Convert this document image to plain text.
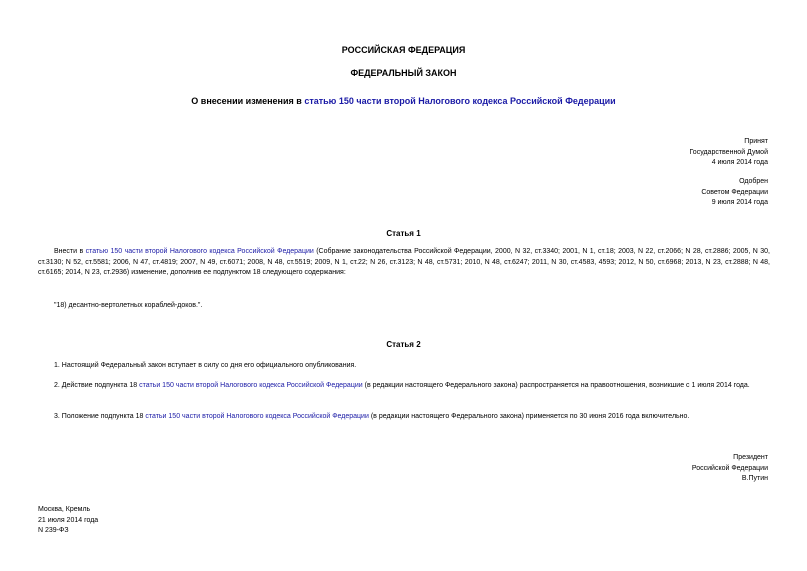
РОССИЙСКАЯ ФЕДЕРАЦИЯ
ФЕДЕРАЛЬНЫЙ ЗАКОН
О внесении изменения в статью 150 части второй Налогового кодекса Российской Федерации
Принят
Государственной Думой
4 июля 2014 года
Одобрен
Советом Федерации
9 июля 2014 года
Статья 1
Внести в статью 150 части второй Налогового кодекса Российской Федерации (Собрание законодательства Российской Федерации, 2000, N 32, ст.3340; 2001, N 1, ст.18; 2003, N 22, ст.2066; N 28, ст.2886; 2005, N 30, ст.3130; N 52, ст.5581; 2006, N 47, ст.4819; 2007, N 49, ст.6071; 2008, N 48, ст.5519; 2009, N 1, ст.22; N 26, ст.3123; N 48, ст.5731; 2010, N 48, ст.6247; 2011, N 30, ст.4583, 4593; 2012, N 50, ст.6968; 2013, N 23, ст.2888; N 48, ст.6165; 2014, N 23, ст.2936) изменение, дополнив ее подпунктом 18 следующего содержания:
"18) десантно-вертолетных кораблей-доков.".
Статья 2
1. Настоящий Федеральный закон вступает в силу со дня его официального опубликования.
2. Действие подпункта 18 статьи 150 части второй Налогового кодекса Российской Федерации (в редакции настоящего Федерального закона) распространяется на правоотношения, возникшие с 1 июля 2014 года.
3. Положение подпункта 18 статьи 150 части второй Налогового кодекса Российской Федерации (в редакции настоящего Федерального закона) применяется по 30 июня 2016 года включительно.
Президент
Российской Федерации
В.Путин
Москва, Кремль
21 июля 2014 года
N 239-ФЗ
